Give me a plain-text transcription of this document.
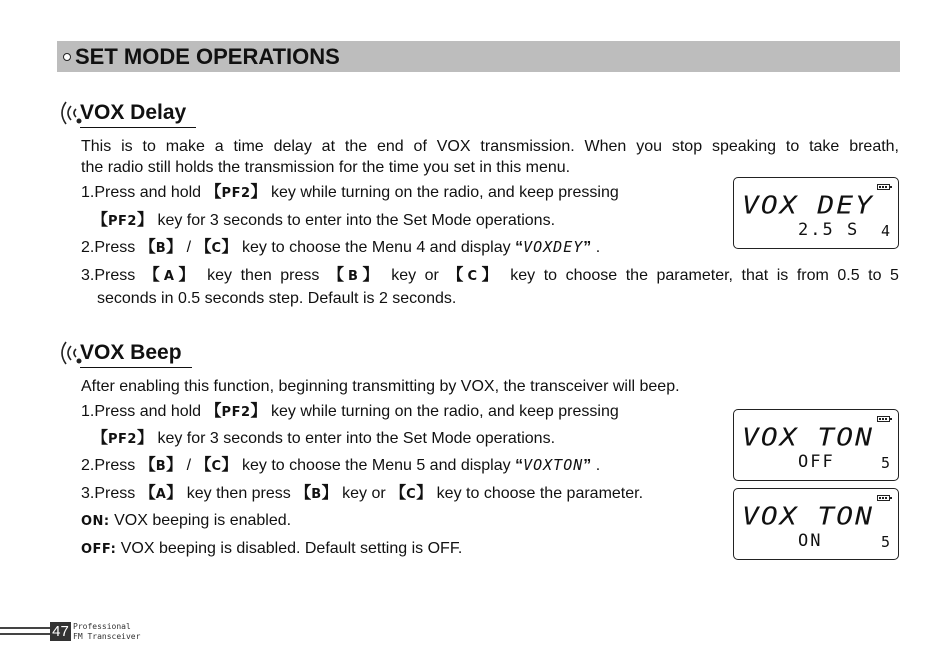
SET MODE OPERATIONS
VOX Delay
This is to make a time delay at the end of VOX transmission. When you stop speaking to take breath,
the radio still holds the transmission for the time you set in this menu.
1.Press and hold 【PF2】 key while turning on the radio, and keep pressing
【PF2】 key for 3 seconds to enter into the Set Mode operations.
2.Press 【B】 / 【C】 key to choose the Menu 4 and display “VOXDEY” .
3.Press 【A】 key then press 【B】 key or 【C】 key to choose the parameter, that is from 0.5 to 5
seconds in 0.5 seconds step. Default is 2 seconds.
VOX DEY
2.5 S 4
VOX Beep
After enabling this function, beginning transmitting by VOX, the transceiver will beep.
1.Press and hold 【PF2】 key while turning on the radio, and keep pressing
【PF2】 key for 3 seconds to enter into the Set Mode operations.
2.Press 【B】 / 【C】 key to choose the Menu 5 and display “VOXTON” .
3.Press 【A】 key then press 【B】 key or 【C】 key to choose the parameter.
ON: VOX beeping is enabled.
OFF: VOX beeping is disabled. Default setting is OFF.
VOX TON
OFF	5
VOX TON
ON	5
47 Professional
FM Transceiver
